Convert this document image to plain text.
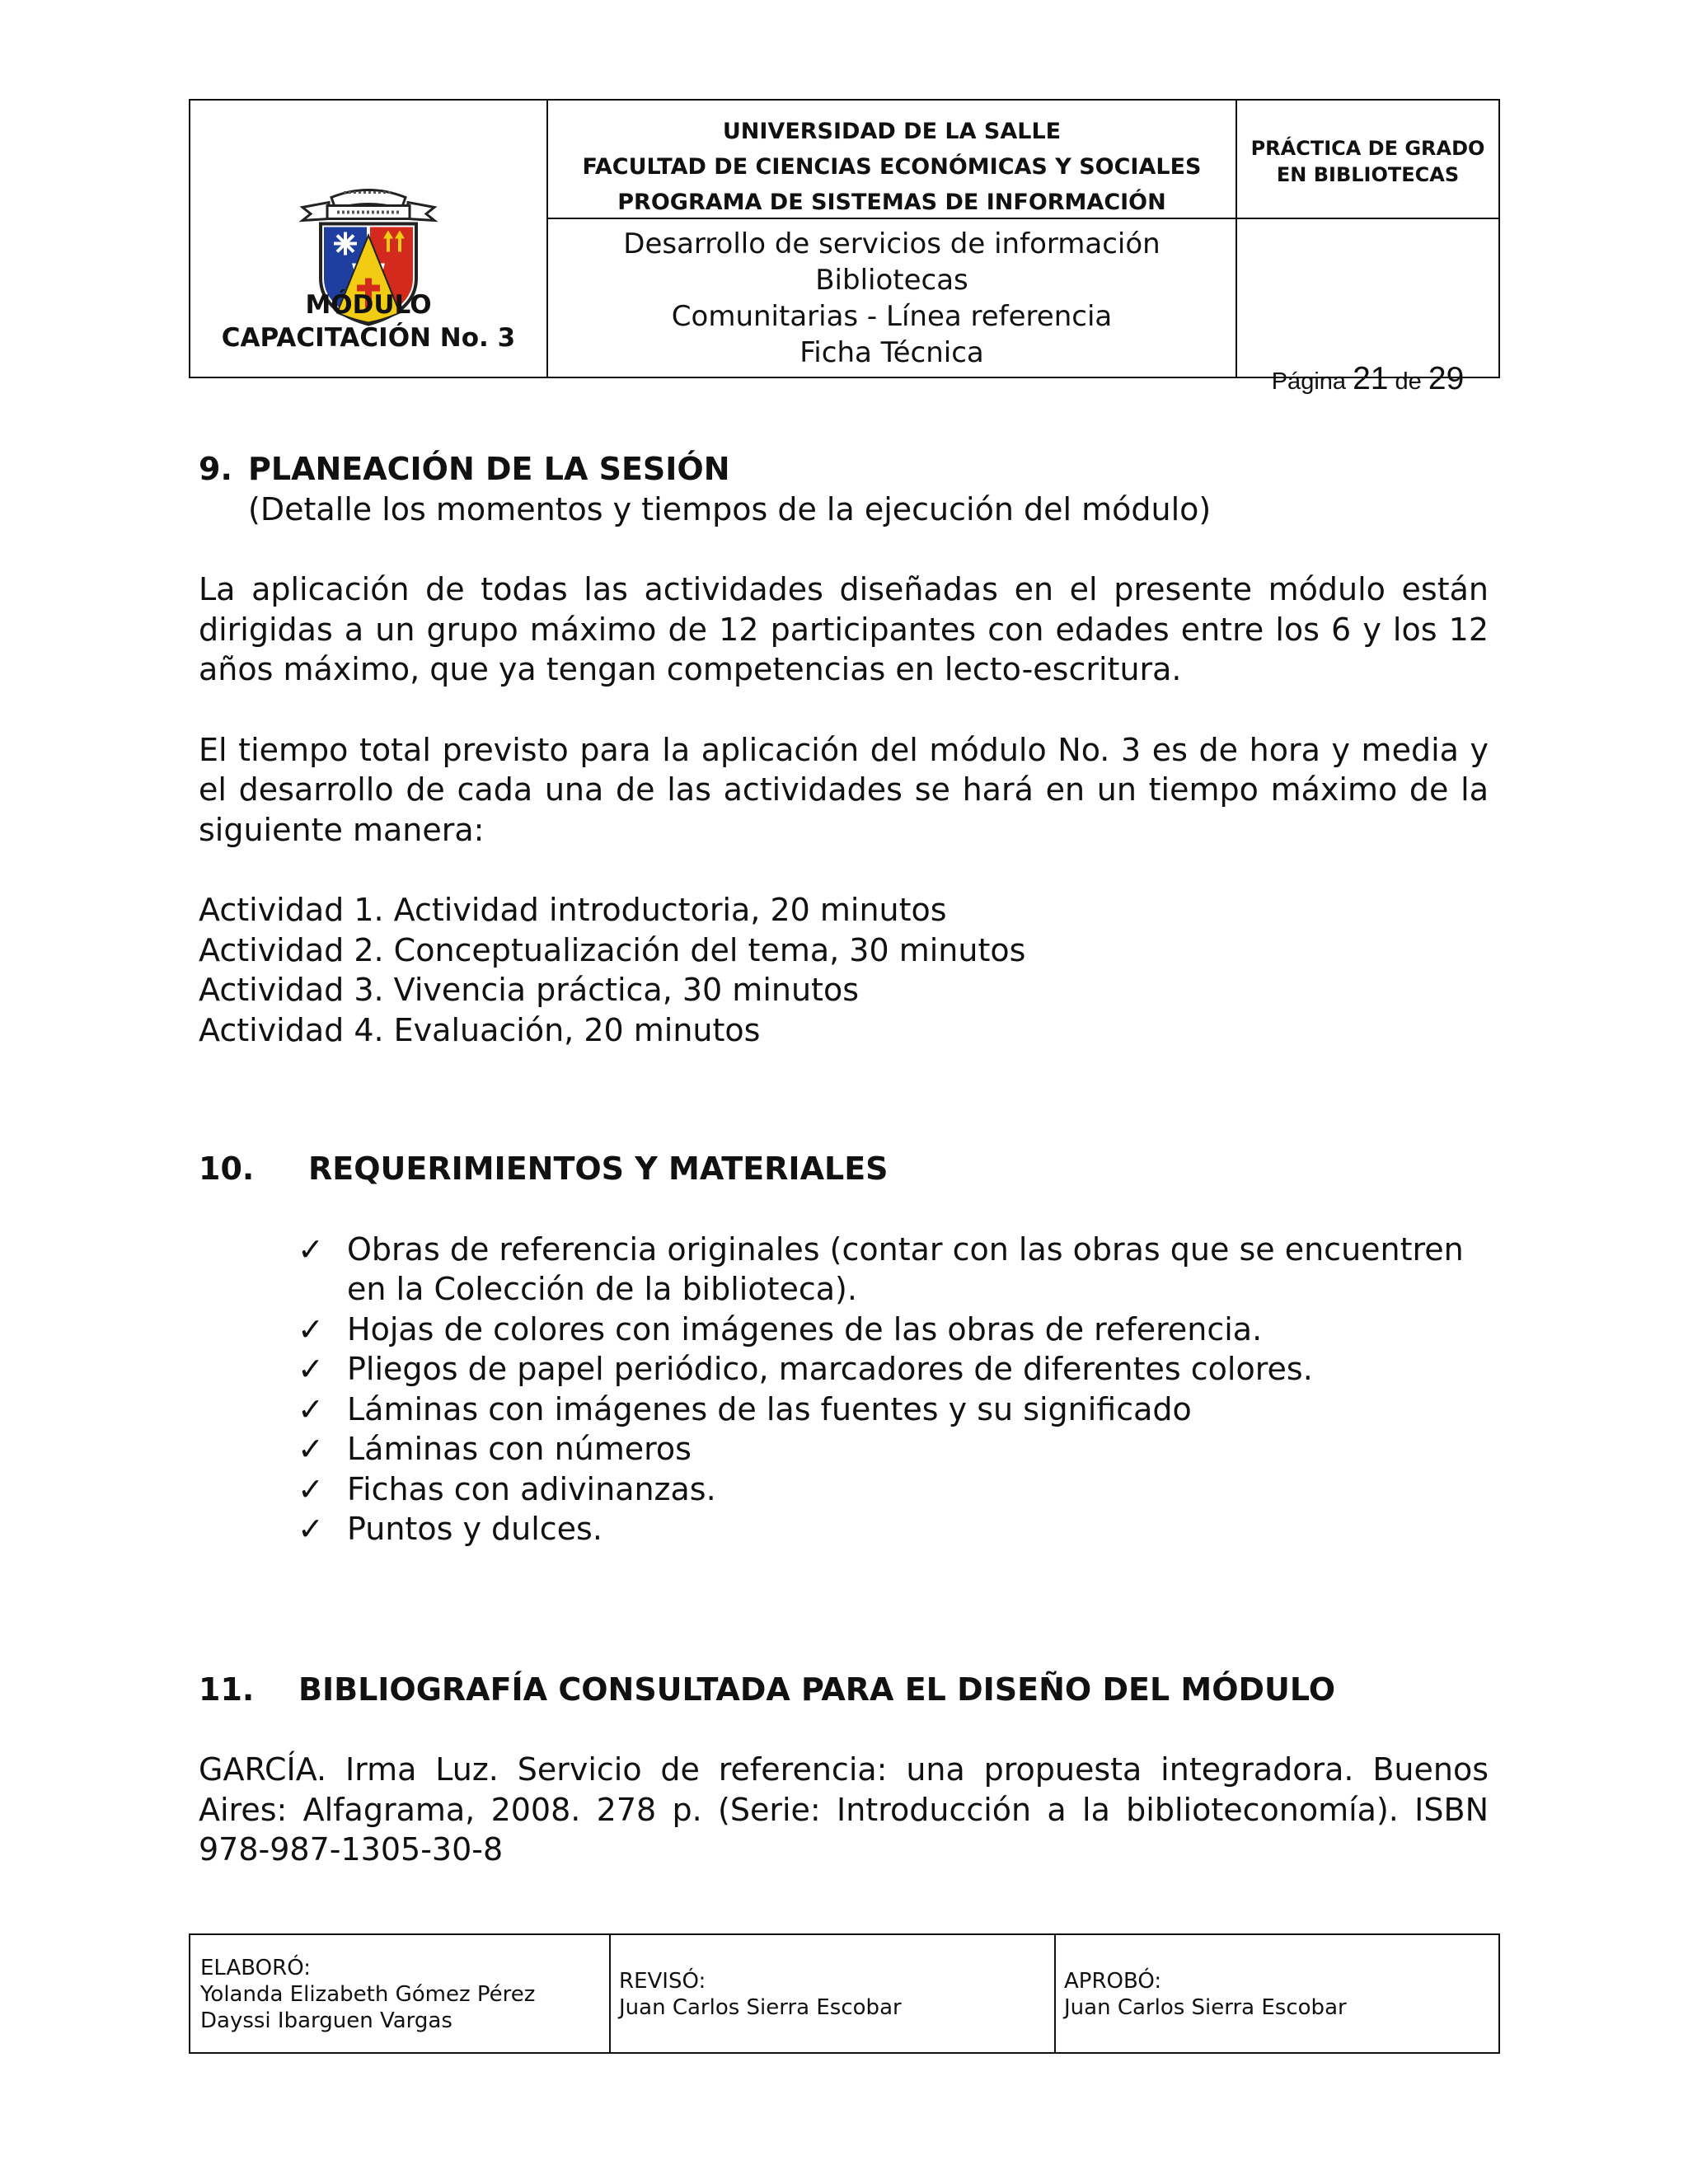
MÓDULO
CAPACITACIÓN No. 3
UNIVERSIDAD DE LA SALLE
FACULTAD DE CIENCIAS ECONÓMICAS Y SOCIALES
PROGRAMA DE SISTEMAS DE INFORMACIÓN
Desarrollo de servicios de información Bibliotecas
Comunitarias - Línea referencia
Ficha Técnica
PRÁCTICA DE GRADO
EN BIBLIOTECAS
Página 21 de 29
9. PLANEACIÓN DE LA SESIÓN

(Detalle los momentos y tiempos de la ejecución del módulo)

La aplicación de todas las actividades diseñadas en el presente módulo están dirigidas a un grupo máximo de 12 participantes con edades entre los 6 y los 12 años máximo, que ya tengan competencias en lecto-escritura.

El tiempo total previsto para la aplicación del módulo No. 3 es de hora y media y el desarrollo de cada una de las actividades se hará en un tiempo máximo de la siguiente manera:

Actividad 1. Actividad introductoria, 20 minutos
Actividad 2. Conceptualización del tema, 30 minutos
Actividad 3. Vivencia práctica, 30 minutos
Actividad 4. Evaluación, 20 minutos
10. REQUERIMIENTOS Y MATERIALES
✓ Obras de referencia originales (contar con las obras que se encuentren en la Colección de la biblioteca).
✓ Hojas de colores con imágenes de las obras de referencia.
✓ Pliegos de papel periódico, marcadores de diferentes colores.
✓ Láminas con imágenes de las fuentes y su significado
✓ Láminas con números
✓ Fichas con adivinanzas.
✓ Puntos y dulces.
11. BIBLIOGRAFÍA CONSULTADA PARA EL DISEÑO DEL MÓDULO

GARCÍA. Irma Luz. Servicio de referencia: una propuesta integradora. Buenos Aires: Alfagrama, 2008. 278 p. (Serie: Introducción a la biblioteconomía). ISBN 978-987-1305-30-8

ELABORÓ:
Yolanda Elizabeth Gómez Pérez
Dayssi Ibarguen Vargas
REVISÓ:
Juan Carlos Sierra Escobar
APROBÓ:
Juan Carlos Sierra Escobar
